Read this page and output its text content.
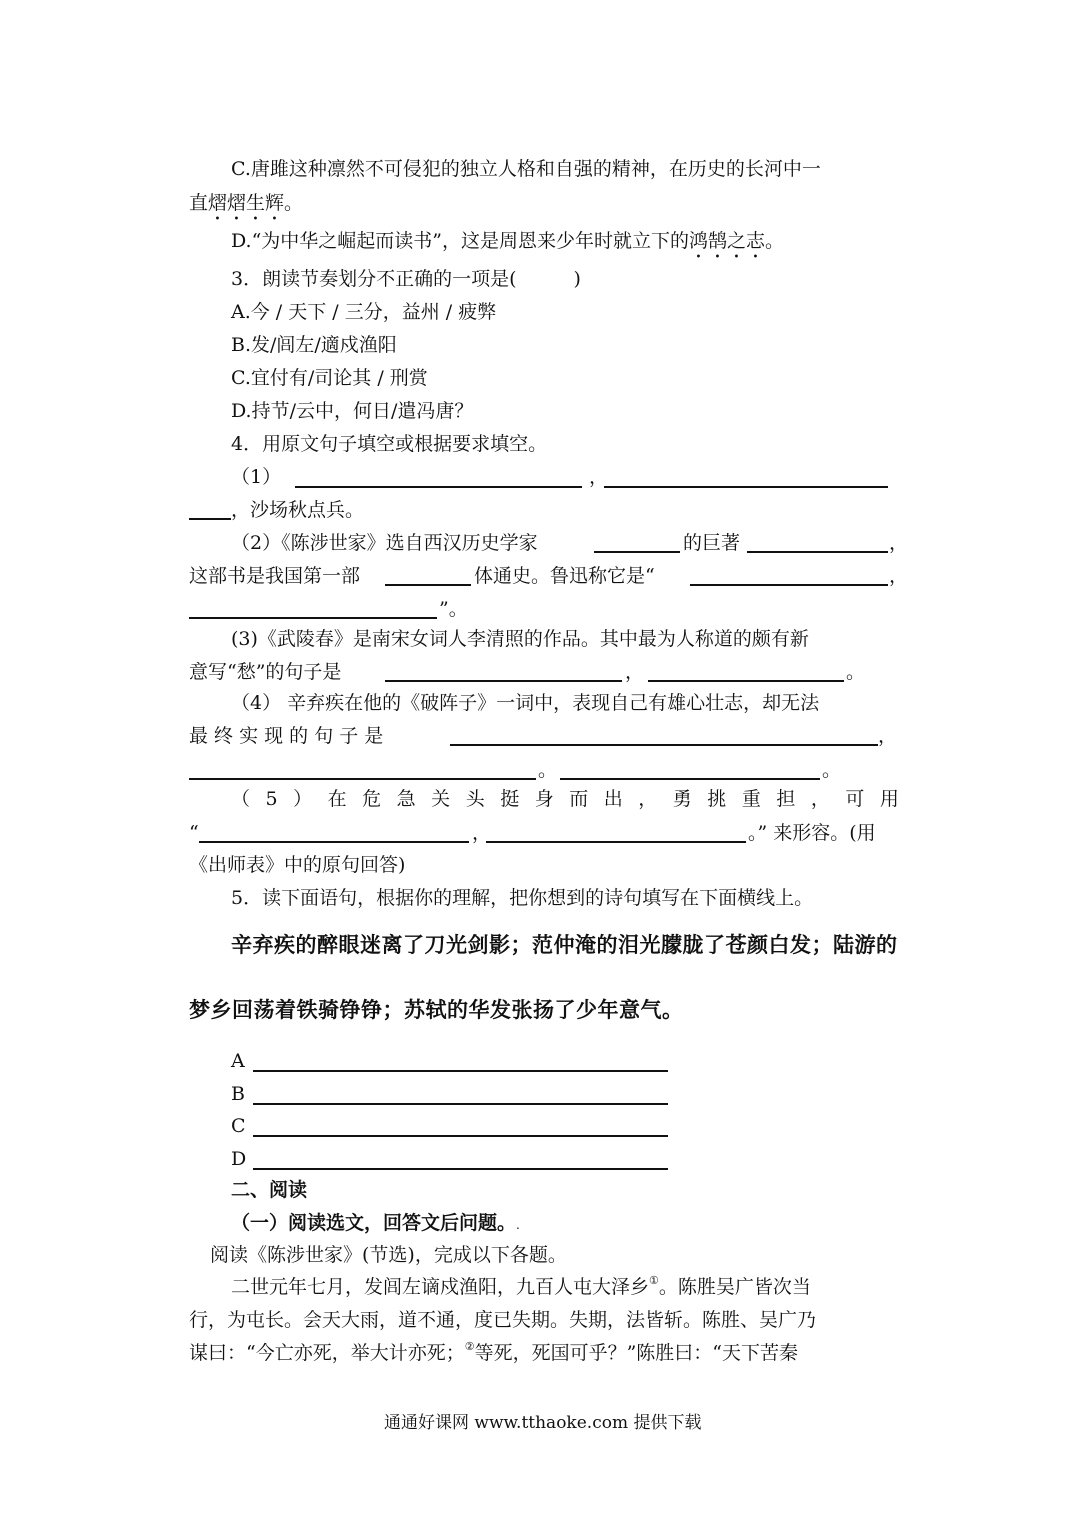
C.唐雎这种凛然不可侵犯的独立人格和自强的精神，在历史的长河中一
直熠熠生辉。
D.“为中华之崛起而读书”，这是周恩来少年时就立下的鸿鹄之志。
3．朗读节奏划分不正确的一项是(　　　)
A.今 / 天下 / 三分，益州 / 疲弊
B.发/闾左/適戍渔阳
C.宜付有/司论其 / 刑赏
D.持节/云中，何日/遣冯唐？
4．用原文句子填空或根据要求填空。
（1）	，
，沙场秋点兵。
（2）《陈涉世家》选自西汉历史学家	的巨著	，
这部书是我国第一部	体通史。鲁迅称它是“	，
”。
(3)《武陵春》是南宋女词人李清照的作品。其中最为人称道的颇有新
意写“愁”的句子是	，	。
（4） 辛弃疾在他的《破阵子》一词中，表现自己有雄心壮志，却无法
最 终 实 现 的 句 子 是	，
。	。
（ 5 ） 在 危 急 关 头 挺 身 而 出 ， 勇 挑 重 担 ， 可 用
“	，	。” 来形容。(用
《出师表》中的原句回答)
5．读下面语句，根据你的理解，把你想到的诗句填写在下面横线上。
辛弃疾的醉眼迷离了刀光剑影；范仲淹的泪光朦胧了苍颜白发；陆游的
梦乡回荡着铁骑铮铮；苏轼的华发张扬了少年意气。
A
B
C
D
二、阅读
（一）阅读选文，回答文后问题。.
阅读《陈涉世家》(节选)，完成以下各题。
二世元年七月，发闾左谪戍渔阳，九百人屯大泽乡①。陈胜吴广皆次当
行，为屯长。会天大雨，道不通，度已失期。失期，法皆斩。陈胜、吴广乃
谋曰：“今亡亦死，举大计亦死；②等死，死国可乎？”陈胜曰：“天下苦秦
通通好课网 www.tthaoke.com 提供下载
